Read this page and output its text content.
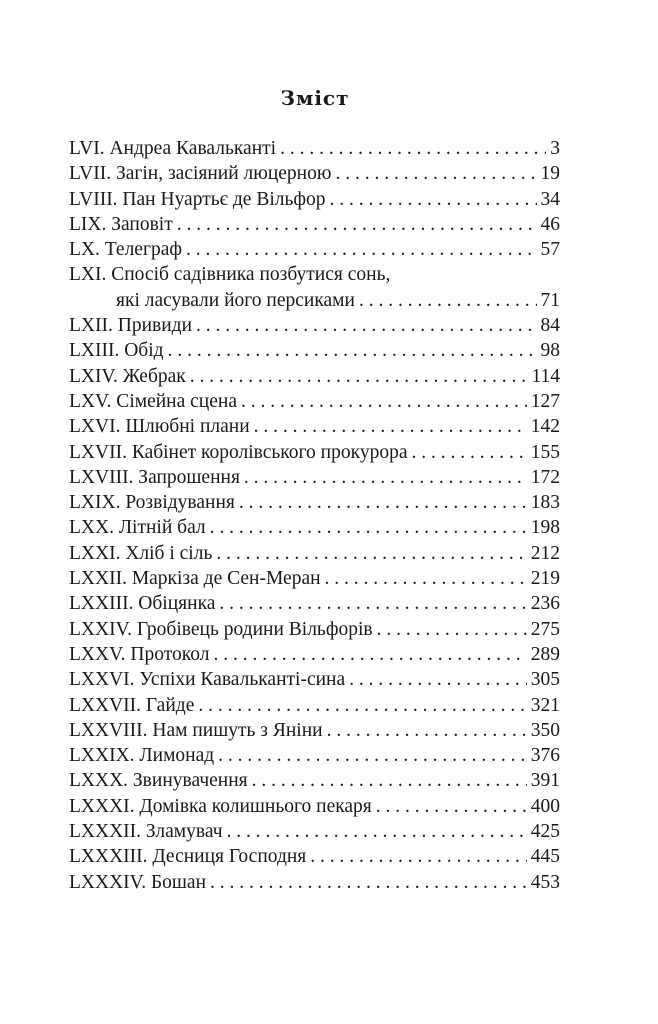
Зміст
LVI. Андреа Кавальканті . . .	3
LVII. Загін, засіяний люцерною . . .	19
LVIII. Пан Нуартьє де Вільфор . . .	34
LIX. Заповіт . . .	46
LX. Телеграф . . .	57
LXI. Спосіб садівника позбутися сонь,
які ласували його персиками . . .	71
LXII. Привиди . . .	84
LXIII. Обід . . .	98
LXIV. Жебрак . . .	114
LXV. Сімейна сцена . . .	127
LXVI. Шлюбні плани . . .	142
LXVII. Кабінет королівського прокурора . . .	155
LXVIII. Запрошення . . .	172
LXIX. Розвідування . . .	183
LXX. Літній бал . . .	198
LXXI. Хліб і сіль . . .	212
LXXII. Маркіза де Сен-Меран . . .	219
LXXIII. Обіцянка . . .	236
LXXIV. Гробівець родини Вільфорів . . .	275
LXXV. Протокол . . .	289
LXXVI. Успіхи Кавальканті-сина . . .	305
LXXVII. Гайде . . .	321
LXXVIII. Нам пишуть з Яніни . . .	350
LXXIX. Лимонад . . .	376
LXXX. Звинувачення . . .	391
LXXXI. Домівка колишнього пекаря . . .	400
LXXXII. Зламувач . . .	425
LXXXIII. Десниця Господня . . .	445
LXXXIV. Бошан . . .	453
